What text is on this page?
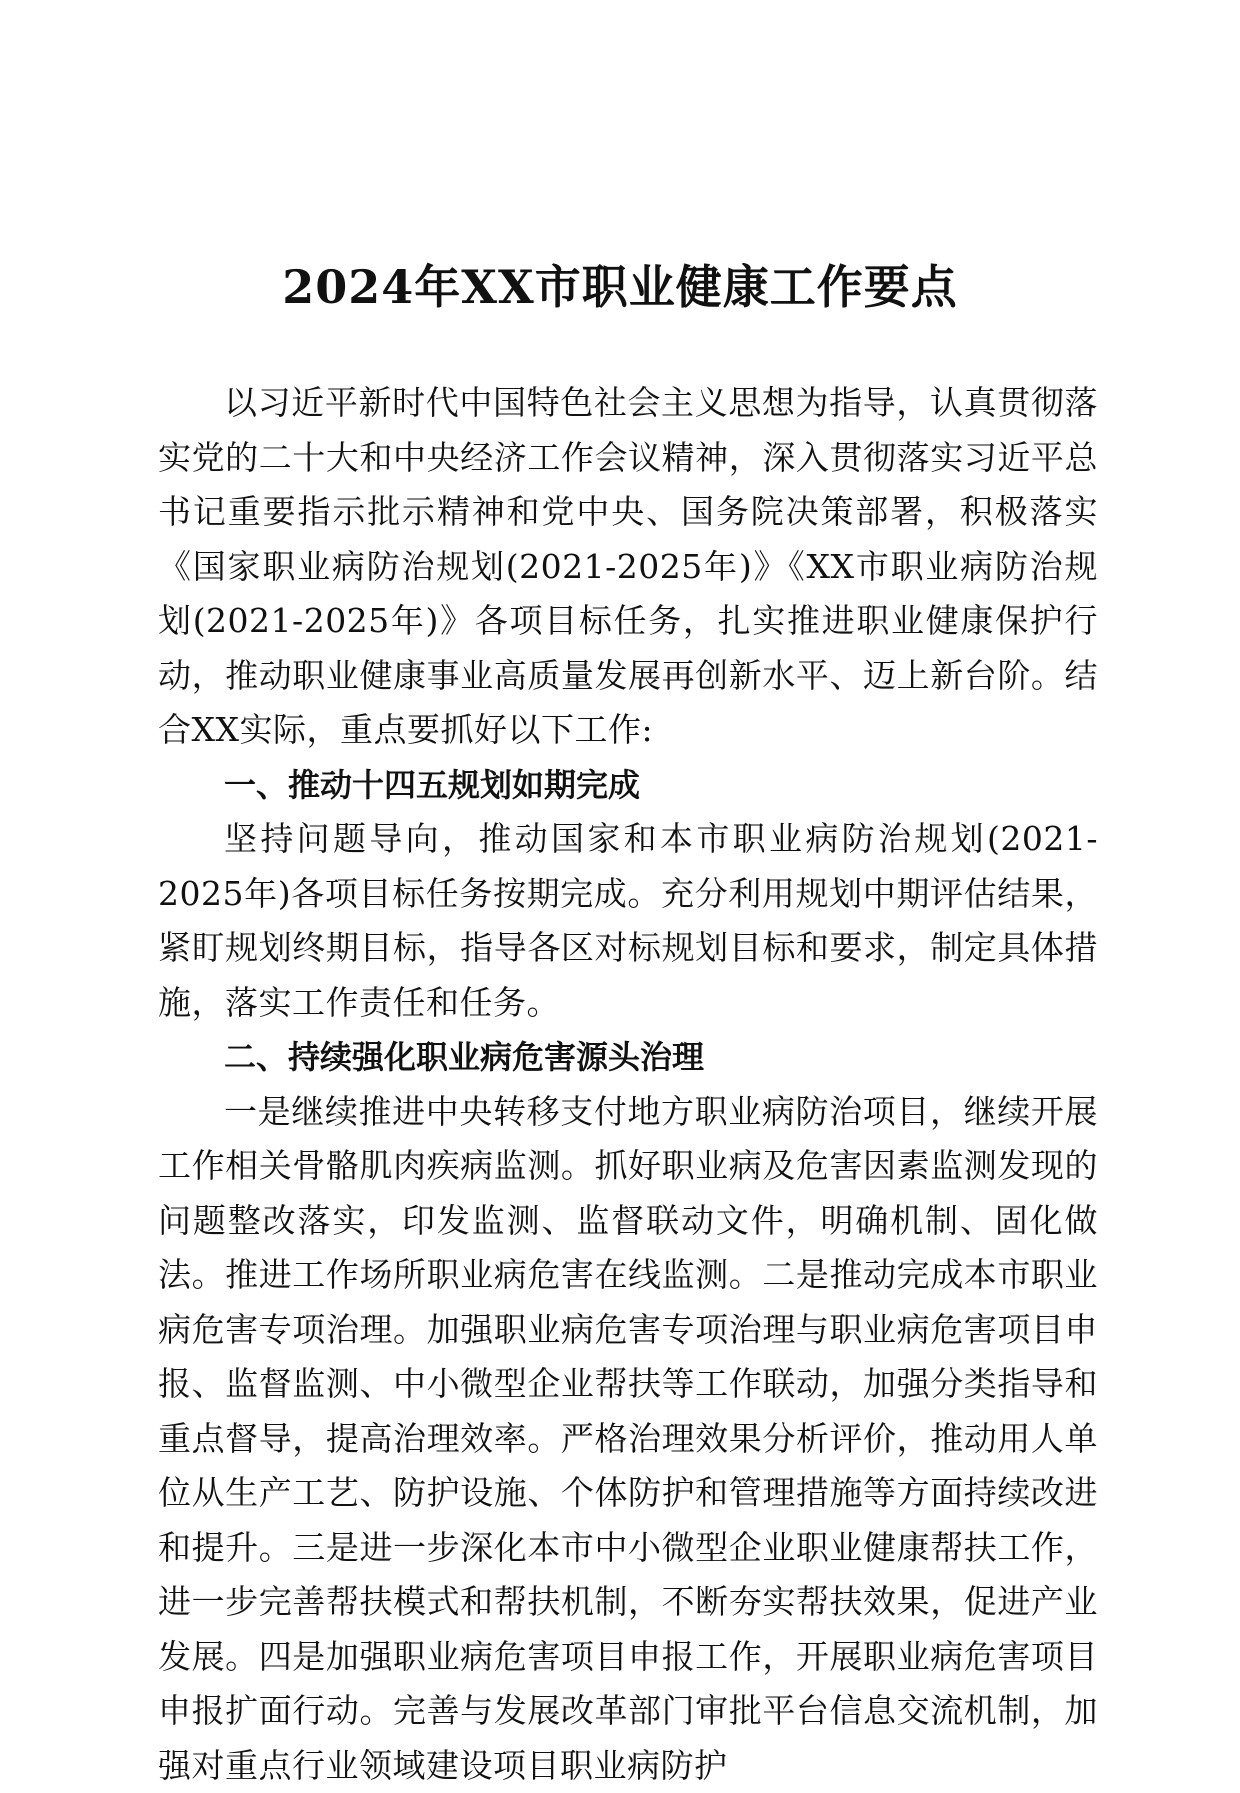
2024年XX市职业健康工作要点

以习近平新时代中国特色社会主义思想为指导，认真贯彻落实党的二十大和中央经济工作会议精神，深入贯彻落实习近平总书记重要指示批示精神和党中央、国务院决策部署，积极落实《国家职业病防治规划(2021-2025年)》《XX市职业病防治规划(2021-2025年)》各项目标任务，扎实推进职业健康保护行动，推动职业健康事业高质量发展再创新水平、迈上新台阶。结合XX实际，重点要抓好以下工作:

一、推动十四五规划如期完成

坚持问题导向，推动国家和本市职业病防治规划(2021-2025年)各项目标任务按期完成。充分利用规划中期评估结果，紧盯规划终期目标，指导各区对标规划目标和要求，制定具体措施，落实工作责任和任务。

二、持续强化职业病危害源头治理

一是继续推进中央转移支付地方职业病防治项目，继续开展工作相关骨骼肌肉疾病监测。抓好职业病及危害因素监测发现的问题整改落实，印发监测、监督联动文件，明确机制、固化做法。推进工作场所职业病危害在线监测。二是推动完成本市职业病危害专项治理。加强职业病危害专项治理与职业病危害项目申报、监督监测、中小微型企业帮扶等工作联动，加强分类指导和重点督导，提高治理效率。严格治理效果分析评价，推动用人单位从生产工艺、防护设施、个体防护和管理措施等方面持续改进和提升。三是进一步深化本市中小微型企业职业健康帮扶工作，进一步完善帮扶模式和帮扶机制，不断夯实帮扶效果，促进产业发展。四是加强职业病危害项目申报工作，开展职业病危害项目申报扩面行动。完善与发展改革部门审批平台信息交流机制，加强对重点行业领域建设项目职业病防护
